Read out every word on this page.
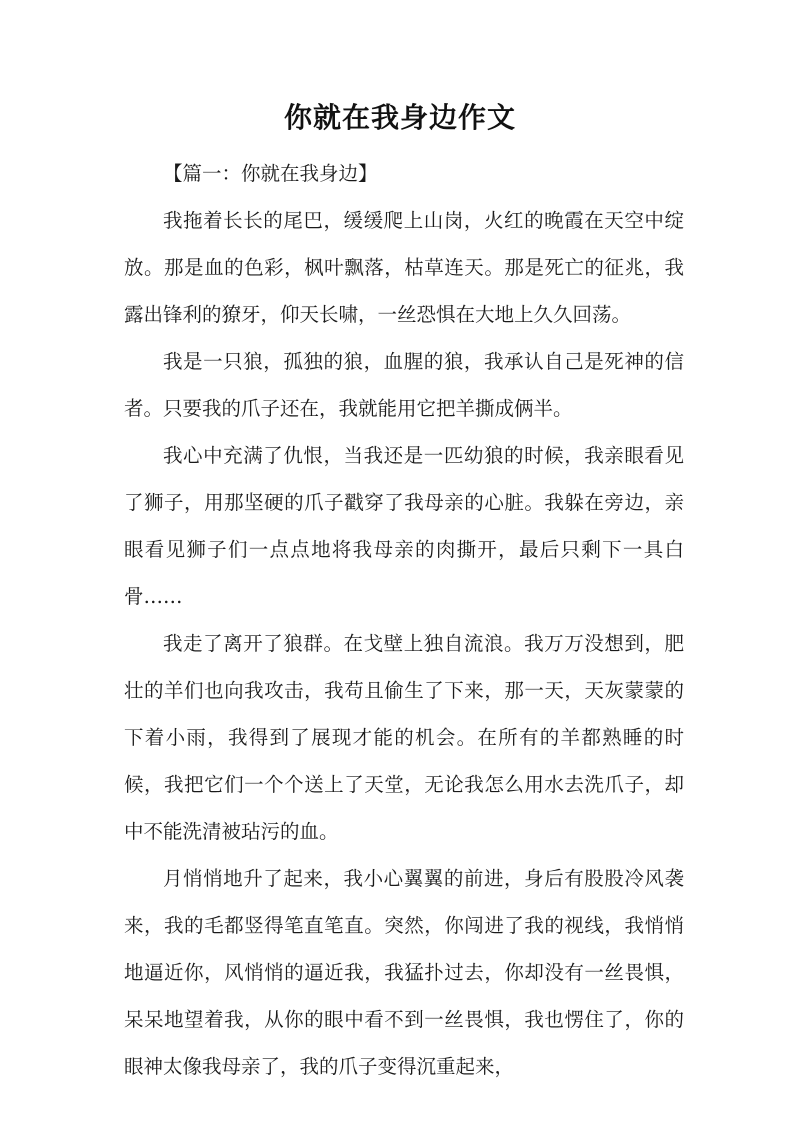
你就在我身边作文

【篇一：你就在我身边】

我拖着长长的尾巴，缓缓爬上山岗，火红的晚霞在天空中绽放。那是血的色彩，枫叶飘落，枯草连天。那是死亡的征兆，我露出锋利的獠牙，仰天长啸，一丝恐惧在大地上久久回荡。

我是一只狼，孤独的狼，血腥的狼，我承认自己是死神的信者。只要我的爪子还在，我就能用它把羊撕成俩半。

我心中充满了仇恨，当我还是一匹幼狼的时候，我亲眼看见了狮子，用那坚硬的爪子戳穿了我母亲的心脏。我躲在旁边，亲眼看见狮子们一点点地将我母亲的肉撕开，最后只剩下一具白骨……

我走了离开了狼群。在戈壁上独自流浪。我万万没想到，肥壮的羊们也向我攻击，我苟且偷生了下来，那一天，天灰蒙蒙的下着小雨，我得到了展现才能的机会。在所有的羊都熟睡的时候，我把它们一个个送上了天堂，无论我怎么用水去洗爪子，却中不能洗清被玷污的血。

月悄悄地升了起来，我小心翼翼的前进，身后有股股冷风袭来，我的毛都竖得笔直笔直。突然，你闯进了我的视线，我悄悄地逼近你，风悄悄的逼近我，我猛扑过去，你却没有一丝畏惧，呆呆地望着我，从你的眼中看不到一丝畏惧，我也愣住了，你的眼神太像我母亲了，我的爪子变得沉重起来，
